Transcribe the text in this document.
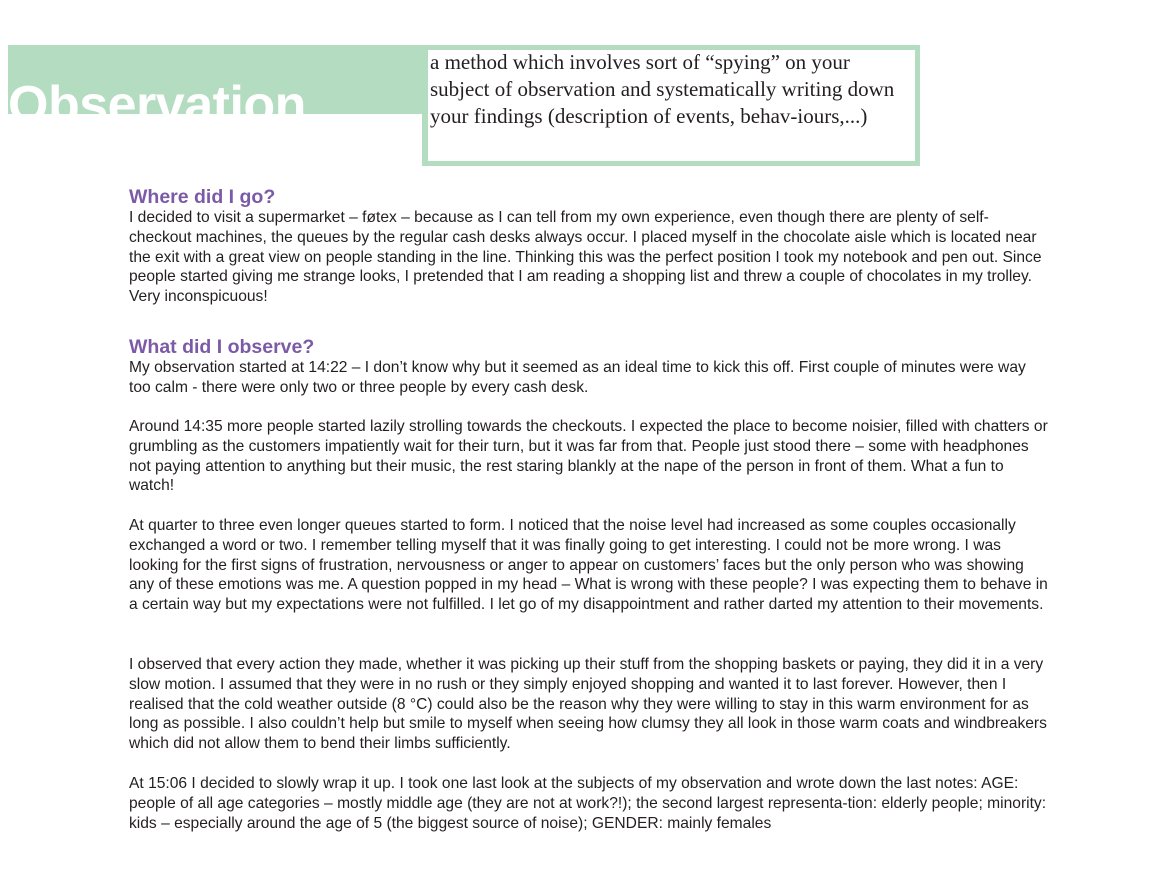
Observation

a method which involves sort of “spying” on your subject of observation and systematically writing down your findings (description of events, behav-iours,...)

Where did I go?

I decided to visit a supermarket – føtex – because as I can tell from my own experience, even though there are plenty of self-checkout machines, the queues by the regular cash desks always occur. I placed myself in the chocolate aisle which is located near the exit with a great view on people standing in the line. Thinking this was the perfect position I took my notebook and pen out. Since people started giving me strange looks, I pretended that I am reading a shopping list and threw a couple of chocolates in my trolley. Very inconspicuous!

What did I observe?

My observation started at 14:22 – I don’t know why but it seemed as an ideal time to kick this off. First couple of minutes were way too calm - there were only two or three people by every cash desk.

Around 14:35 more people started lazily strolling towards the checkouts. I expected the place to become noisier, filled with chatters or grumbling as the customers impatiently wait for their turn, but it was far from that. People just stood there – some with headphones not paying attention to anything but their music, the rest staring blankly at the nape of the person in front of them. What a fun to watch!

At quarter to three even longer queues started to form. I noticed that the noise level had increased as some couples occasionally exchanged a word or two. I remember telling myself that it was finally going to get interesting. I could not be more wrong. I was looking for the first signs of frustration, nervousness or anger to appear on customers’ faces but the only person who was showing any of these emotions was me. A question popped in my head – What is wrong with these people? I was expecting them to behave in a certain way but my expectations were not fulfilled. I let go of my disappointment and rather darted my attention to their movements.

I observed that every action they made, whether it was picking up their stuff from the shopping baskets or paying, they did it in a very slow motion. I assumed that they were in no rush or they simply enjoyed shopping and wanted it to last forever. However, then I realised that the cold weather outside (8 °C) could also be the reason why they were willing to stay in this warm environment for as long as possible. I also couldn’t help but smile to myself when seeing how clumsy they all look in those warm coats and windbreakers which did not allow them to bend their limbs sufficiently.

At 15:06 I decided to slowly wrap it up. I took one last look at the subjects of my observation and wrote down the last notes: AGE: people of all age categories – mostly middle age (they are not at work?!); the second largest representa-tion: elderly people; minority: kids – especially around the age of 5 (the biggest source of noise); GENDER: mainly females
